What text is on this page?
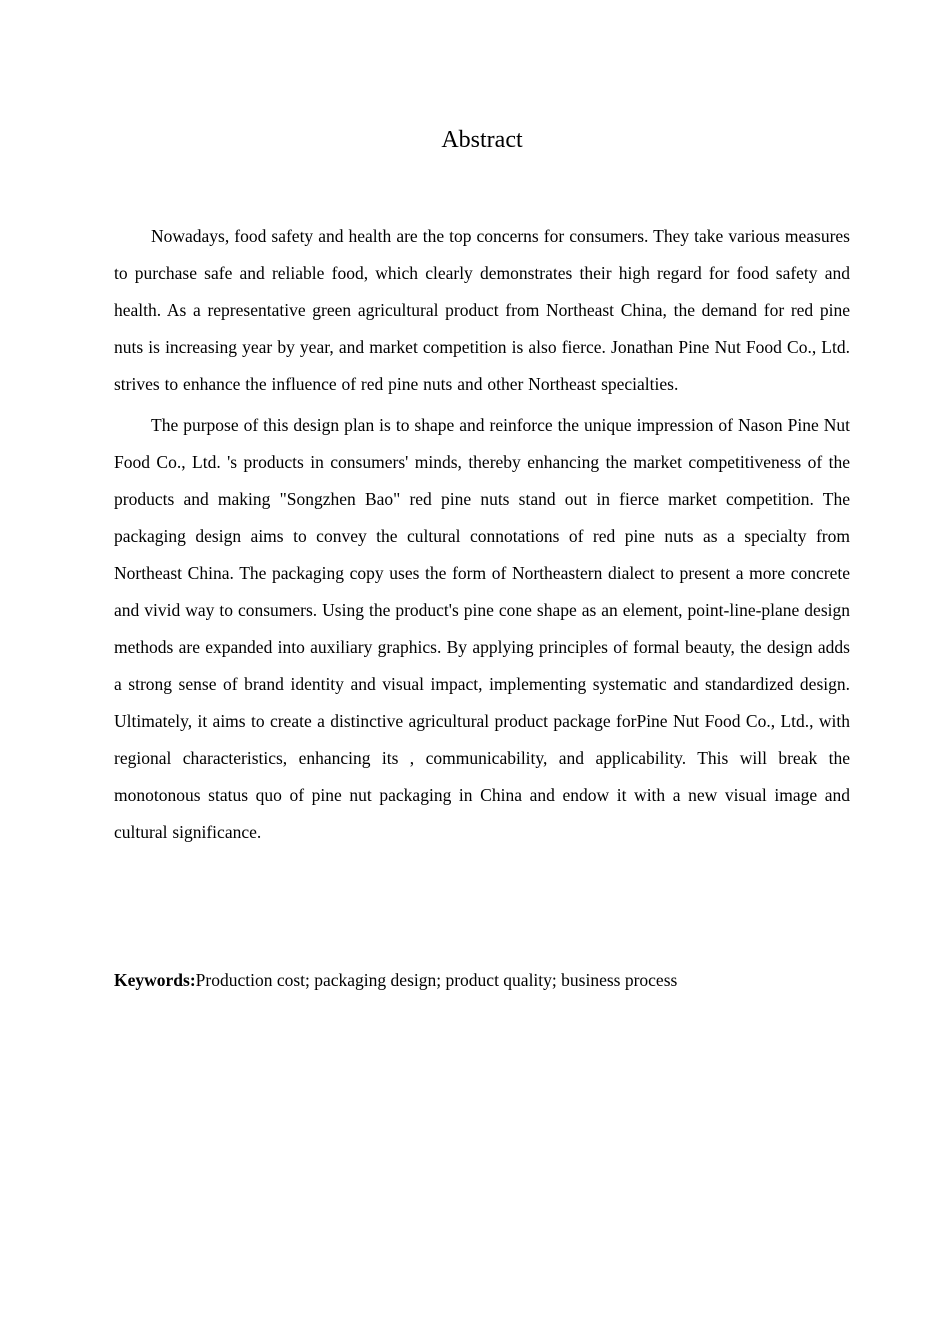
Abstract

Nowadays, food safety and health are the top concerns for consumers. They take various measures to purchase safe and reliable food, which clearly demonstrates their high regard for food safety and health. As a representative green agricultural product from Northeast China, the demand for red pine nuts is increasing year by year, and market competition is also fierce. Jonathan Pine Nut Food Co., Ltd. strives to enhance the influence of red pine nuts and other Northeast specialties.

The purpose of this design plan is to shape and reinforce the unique impression of Nason Pine Nut Food Co., Ltd. 's products in consumers' minds, thereby enhancing the market competitiveness of the products and making "Songzhen Bao" red pine nuts stand out in fierce market competition. The packaging design aims to convey the cultural connotations of red pine nuts as a specialty from Northeast China. The packaging copy uses the form of Northeastern dialect to present a more concrete and vivid way to consumers. Using the product's pine cone shape as an element, point-line-plane design methods are expanded into auxiliary graphics. By applying principles of formal beauty, the design adds a strong sense of brand identity and visual impact, implementing systematic and standardized design. Ultimately, it aims to create a distinctive agricultural product package forPine Nut Food Co., Ltd., with regional characteristics, enhancing its , communicability, and applicability. This will break the monotonous status quo of pine nut packaging in China and endow it with a new visual image and cultural significance.

Keywords:Production cost; packaging design; product quality; business process
